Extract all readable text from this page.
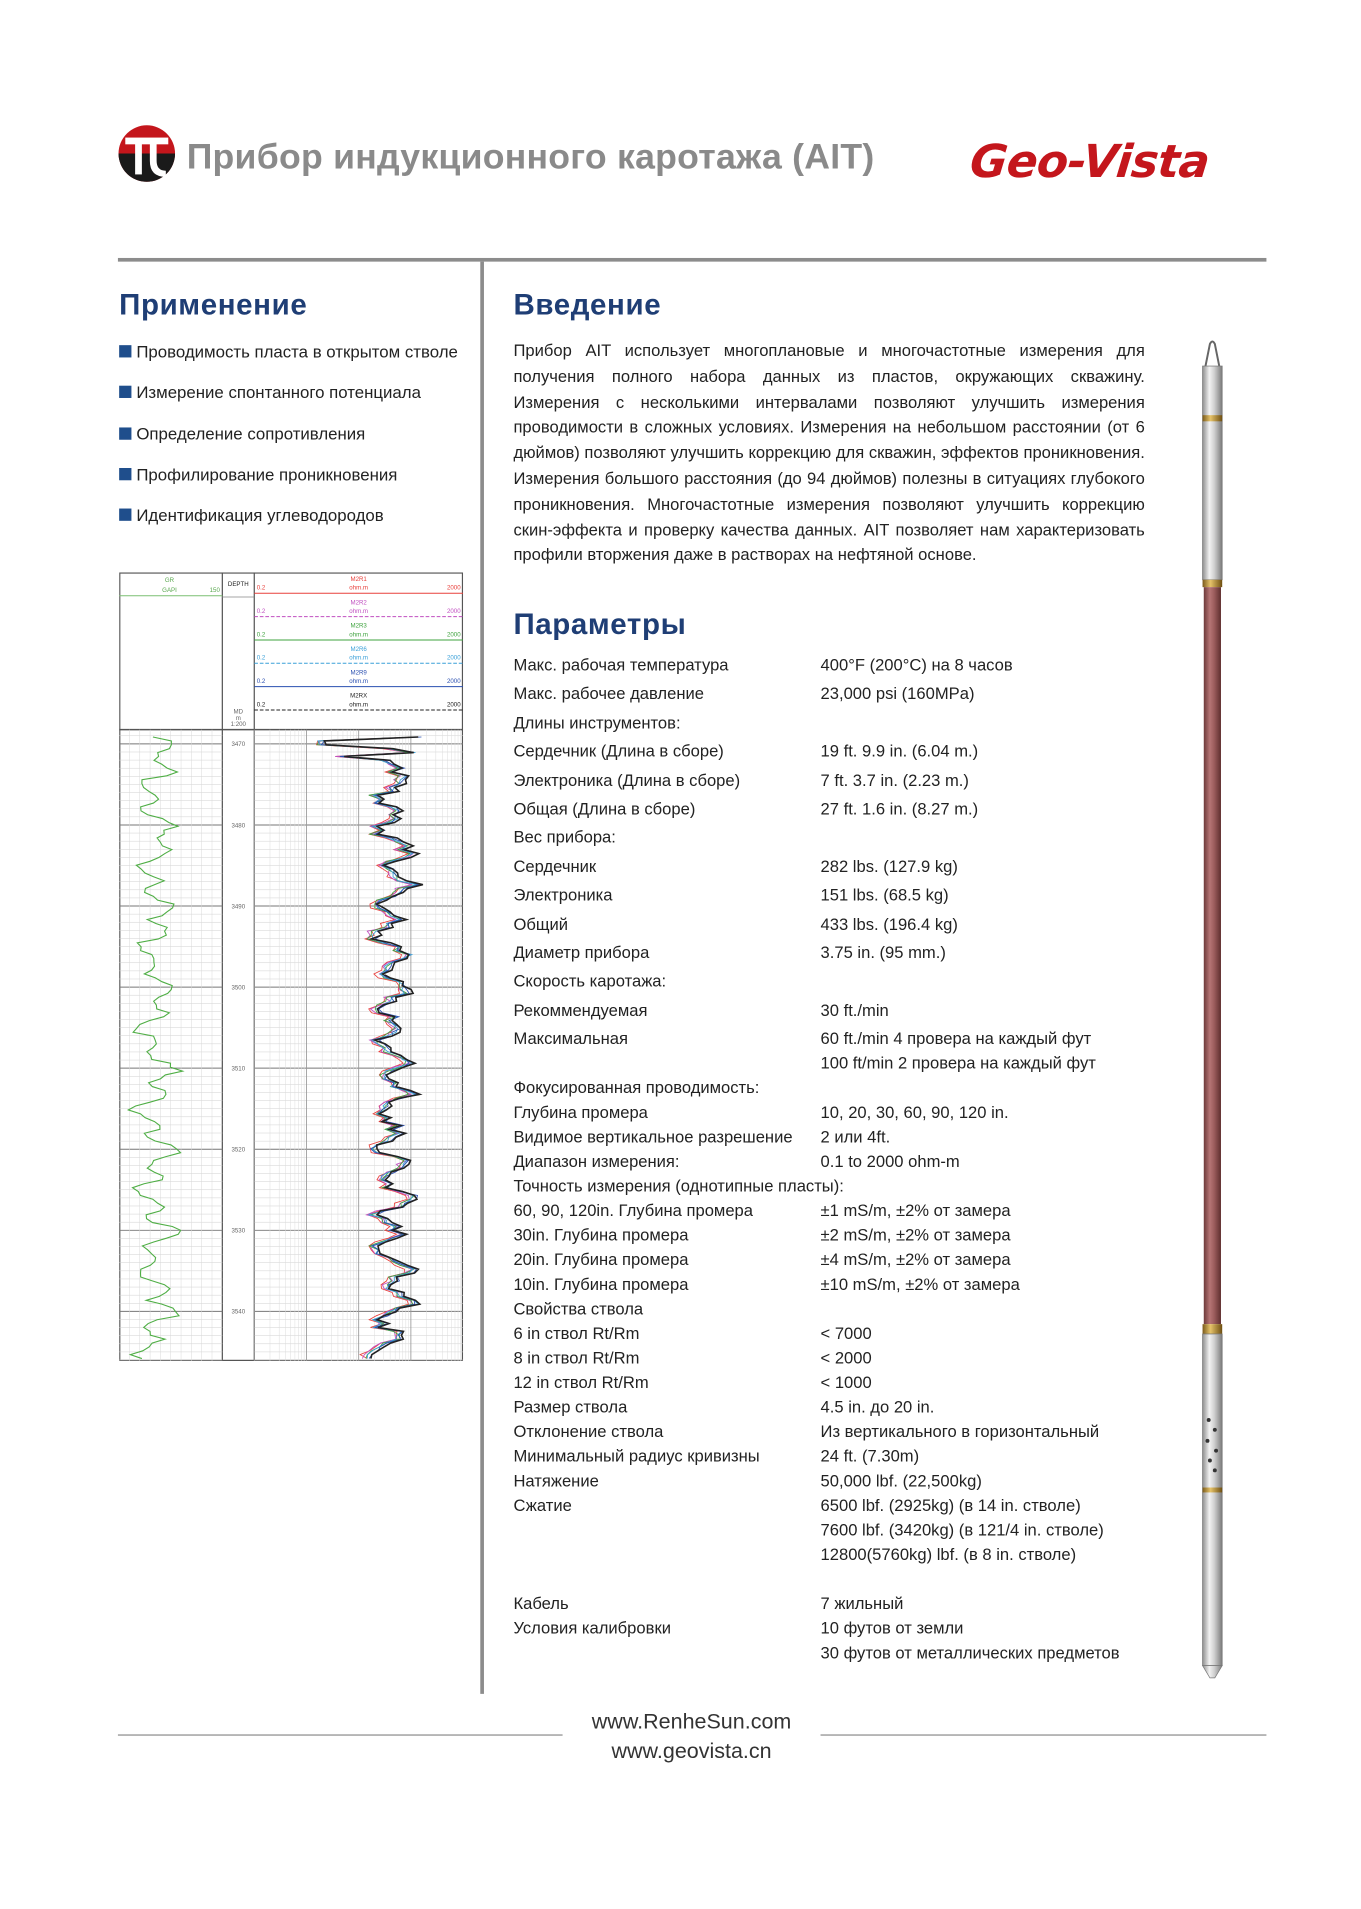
Прибор индукционного каротажа (AIT)	Geo-Vista
Применение
Проводимость пласта в открытом стволе
Измерение спонтанного потенциала
Определение сопротивления
Профилирование проникновения
Идентификация углеводородов
GR
GAPI	150
DEPTH
MD
m
1:200
M2R1
ohm.m
0.2	2000
M2R2
ohm.m
0.2	2000
M2R3
ohm.m
0.2	2000
M2R6
ohm.m
0.2	2000
M2R9
ohm.m
0.2	2000
M2RX
ohm.m
0.2	2000
3470
3480
3490
3500
3510
3520
3530
3540
Введение
Прибор AIT использует многоплановые и многочастотные измерения для получения полного набора данных из пластов, окружающих скважину. Измерения с несколькими интервалами позволяют улучшить измерения проводимости в сложных условиях. Измерения на небольшом расстоянии (от 6 дюймов) позволяют улучшить коррекцию для скважин, эффектов проникновения. Измерения большого расстояния (до 94 дюймов) полезны в ситуациях глубокого проникновения. Многочастотные измерения позволяют улучшить коррекцию скин-эффекта и проверку качества данных. AIT позволяет нам характеризовать профили вторжения даже в растворах на нефтяной основе.
Параметры
Макс. рабочая температура	400°F (200°C) на 8 часов
Макс. рабочее давление	23,000 psi (160MPa)
Длины инструментов:
Сердечник (Длина в сборе)	19 ft. 9.9 in. (6.04 m.)
Электроника (Длина в сборе)	7 ft. 3.7 in. (2.23 m.)
Общая (Длина в сборе)	27 ft. 1.6 in. (8.27 m.)
Вес прибора:
Сердечник	282 lbs. (127.9 kg)
Электроника	151 lbs. (68.5 kg)
Общий	433 lbs. (196.4 kg)
Диаметр прибора	3.75 in. (95 mm.)
Скорость каротажа:
Рекоммендуемая	30 ft./min
Максимальная	60 ft./min 4 провера на каждый фут
100 ft/min 2 провера на каждый фут
Фокусированная проводимость:
Глубина промера	10, 20, 30, 60, 90, 120 in.
Видимое вертикальное разрешение 2 или 4ft.
Диапазон измерения:	0.1 to 2000 ohm-m
Точность измерения (однотипные пласты):
60, 90, 120in. Глубина промера	±1 mS/m, ±2% от замера
30in. Глубина промера	±2 mS/m, ±2% от замера
20in. Глубина промера	±4 mS/m, ±2% от замера
10in. Глубина промера	±10 mS/m, ±2% от замера
Свойства ствола
6 in ствол Rt/Rm	< 7000
8 in ствол Rt/Rm	< 2000
12 in ствол Rt/Rm	< 1000
Размер ствола	4.5 in. до 20 in.
Отклонение ствола	Из вертикального в горизонтальный
Минимальный радиус кривизны	24 ft. (7.30m)
Натяжение	50,000 lbf. (22,500kg)
Сжатие	6500 lbf. (2925kg) (в 14 in. стволе)
7600 lbf. (3420kg) (в 121/4 in. стволе)
12800(5760kg) lbf. (в 8 in. стволе)
Кабель	7 жильный
Условия калибровки	10 футов от земли
30 футов от металлических предметов
www.RenheSun.com
www.geovista.cn
